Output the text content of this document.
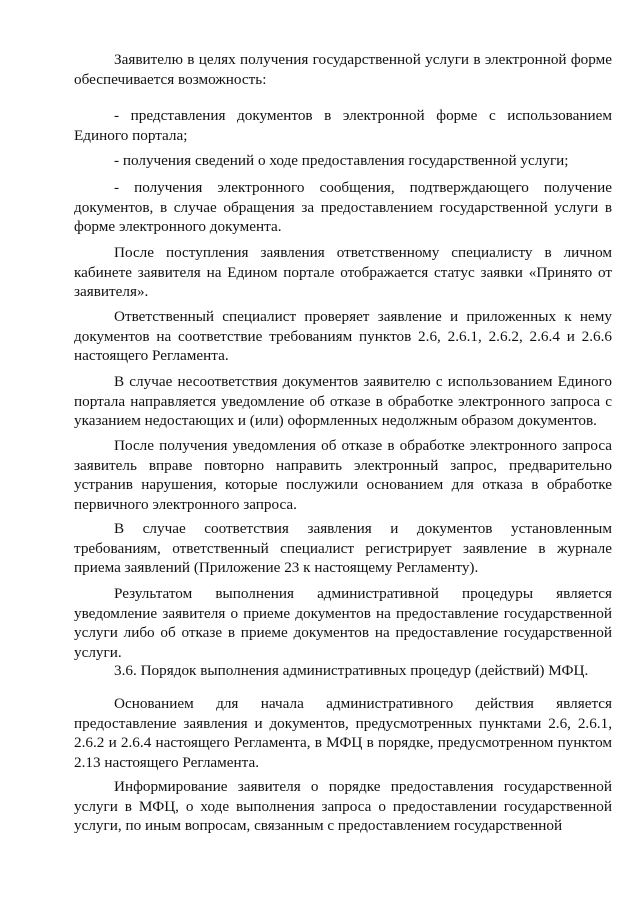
Заявителю в целях получения государственной услуги в электронной форме обеспечивается возможность:

- представления документов в электронной форме с использованием Единого портала;

- получения сведений о ходе предоставления государственной услуги;

- получения электронного сообщения, подтверждающего получение документов, в случае обращения за предоставлением государственной услуги в форме электронного документа.

После поступления заявления ответственному специалисту в личном кабинете заявителя на Едином портале отображается статус заявки «Принято от заявителя».

Ответственный специалист проверяет заявление и приложенных к нему документов на соответствие требованиям пунктов 2.6, 2.6.1, 2.6.2, 2.6.4 и 2.6.6 настоящего Регламента.

В случае несоответствия документов заявителю с использованием Единого портала направляется уведомление об отказе в обработке электронного запроса с указанием недостающих и (или) оформленных недолжным образом документов.

После получения уведомления об отказе в обработке электронного запроса заявитель вправе повторно направить электронный запрос, предварительно устранив нарушения, которые послужили основанием для отказа в обработке первичного электронного запроса.

В случае соответствия заявления и документов установленным требованиям, ответственный специалист регистрирует заявление в журнале приема заявлений (Приложение 23 к настоящему Регламенту).

Результатом выполнения административной процедуры является уведомление заявителя о приеме документов на предоставление государственной услуги либо об отказе в приеме документов на предоставление государственной услуги.

3.6. Порядок выполнения административных процедур (действий) МФЦ.

Основанием для начала административного действия является предоставление заявления и документов, предусмотренных пунктами 2.6, 2.6.1, 2.6.2 и 2.6.4 настоящего Регламента, в МФЦ в порядке, предусмотренном пунктом 2.13 настоящего Регламента.

Информирование заявителя о порядке предоставления государственной услуги в МФЦ, о ходе выполнения запроса о предоставлении государственной услуги, по иным вопросам, связанным с предоставлением государственной
